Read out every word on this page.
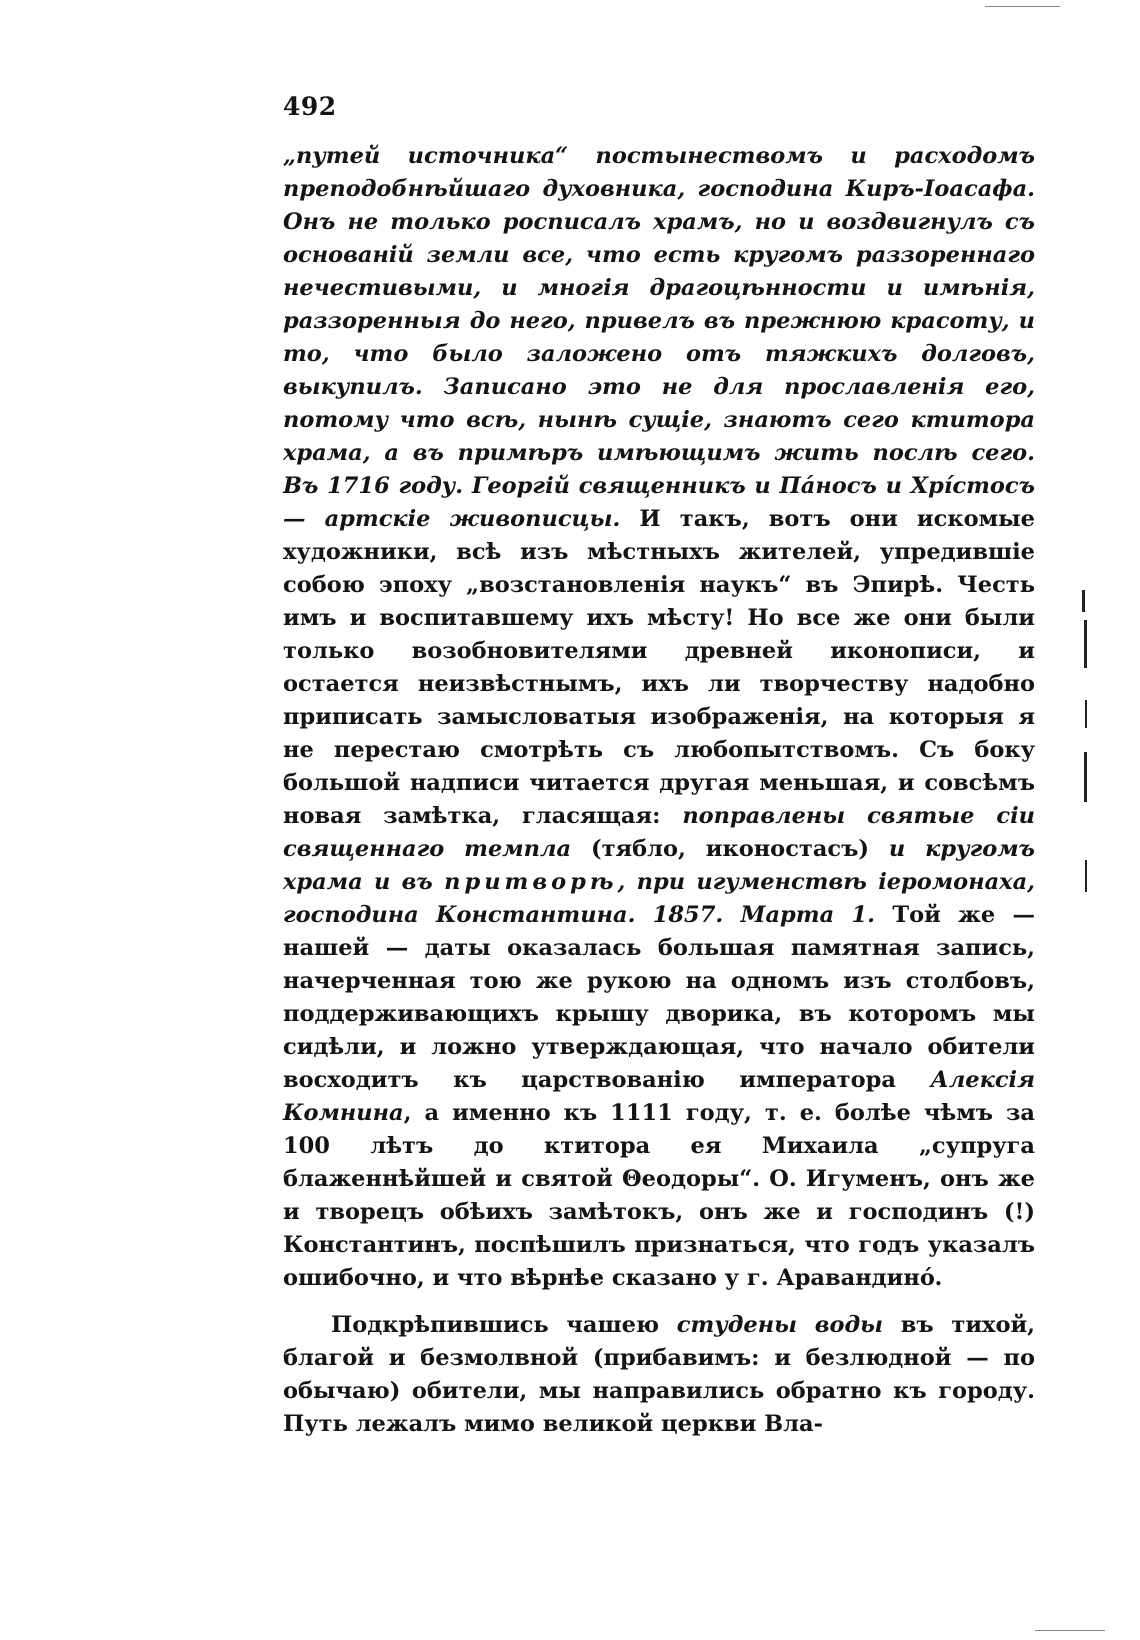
492

„путей источника“ постынествомъ и расходомъ преподобнѣйшаго духовника, господина Киръ-Іоасафа. Онъ не только росписалъ храмъ, но и воздвигнулъ съ основаній земли все, что есть кругомъ раззореннаго нечестивыми, и многія драгоцѣнности и имѣнія, раззоренныя до него, привелъ въ прежнюю красоту, и то, что было заложено отъ тяжкихъ долговъ, выкупилъ. Записано это не для прославленія его, потому что всѣ, нынѣ сущіе, знаютъ сего ктитора храма, а въ примѣръ имѣющимъ жить послѣ сего. Въ 1716 году. Георгій священникъ и Пáносъ и Хрíстосъ — артскіе живописцы. И такъ, вотъ они искомые художники, всѣ изъ мѣстныхъ жителей, упредившіе собою эпоху „возстановленія наукъ“ въ Эпирѣ. Честь имъ и воспитавшему ихъ мѣсту! Но все же они были только возобновителями древней иконописи, и остается неизвѣстнымъ, ихъ ли творчеству надобно приписать замысловатыя изображенія, на которыя я не перестаю смотрѣть съ любопытствомъ. Съ боку большой надписи читается другая меньшая, и совсѣмъ новая замѣтка, гласящая: поправлены святые сіи священнаго темпла (тябло, иконостасъ) и кругомъ храма и въ притворѣ, при игуменствѣ іеромонаха, господина Константина. 1857. Марта 1. Той же — нашей — даты оказалась большая памятная запись, начерченная тою же рукою на одномъ изъ столбовъ, поддерживающихъ крышу дворика, въ которомъ мы сидѣли, и ложно утверждающая, что начало обители восходитъ къ царствованію императора Алексія Комнина, а именно къ 1111 году, т. е. болѣе чѣмъ за 100 лѣтъ до ктитора ея Михаила „супруга блаженнѣйшей и святой Θеодоры“. О. Игуменъ, онъ же и творецъ обѣихъ замѣтокъ, онъ же и господинъ (!) Константинъ, поспѣшилъ признаться, что годъ указалъ ошибочно, и что вѣрнѣе сказано у г. Аравандинó.

Подкрѣпившись чашею студены воды въ тихой, благой и безмолвной (прибавимъ: и безлюдной — по обычаю) обители, мы направились обратно къ городу. Путь лежалъ мимо великой церкви Вла-
